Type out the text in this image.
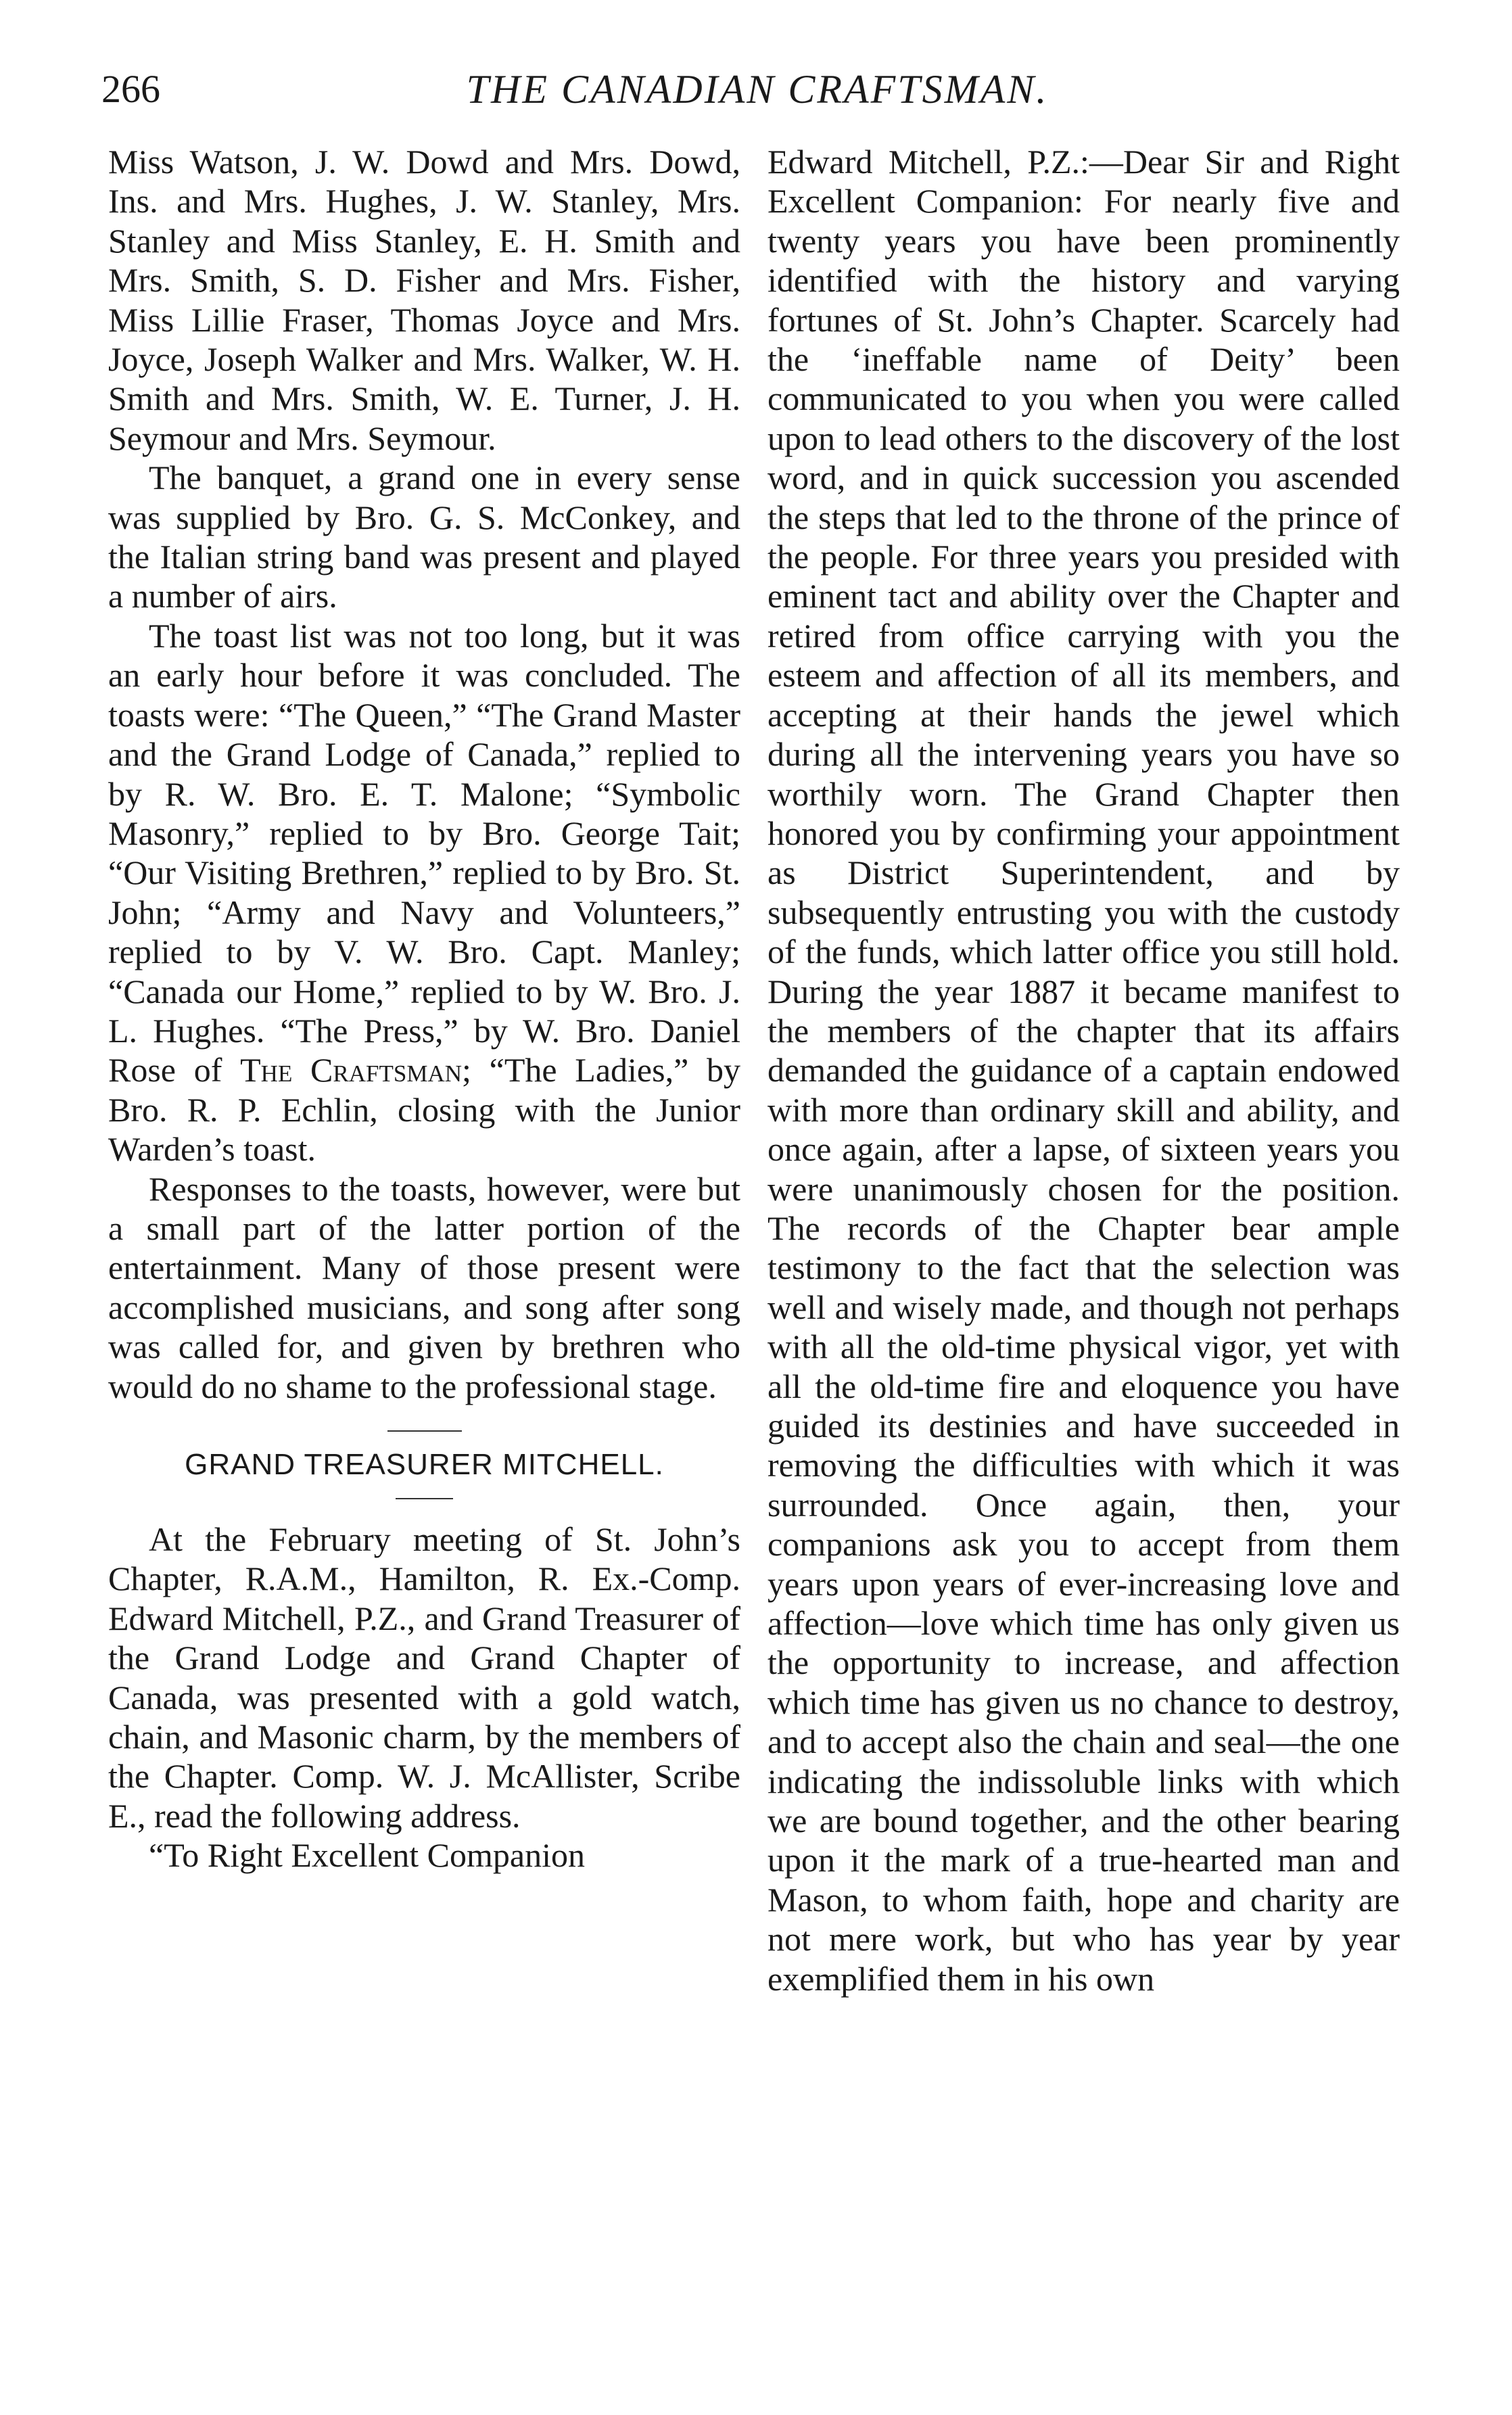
266	THE CANADIAN CRAFTSMAN.

Miss Watson, J. W. Dowd and Mrs. Dowd, Ins. and Mrs. Hughes, J. W. Stanley, Mrs. Stanley and Miss Stanley, E. H. Smith and Mrs. Smith, S. D. Fisher and Mrs. Fisher, Miss Lillie Fraser, Thomas Joyce and Mrs. Joyce, Joseph Walker and Mrs. Walker, W. H. Smith and Mrs. Smith, W. E. Turner, J. H. Seymour and Mrs. Seymour.

The banquet, a grand one in every sense was supplied by Bro. G. S. McConkey, and the Italian string band was present and played a number of airs.

The toast list was not too long, but it was an early hour before it was concluded. The toasts were: “The Queen,” “The Grand Master and the Grand Lodge of Canada,” replied to by R. W. Bro. E. T. Malone; “Symbolic Masonry,” replied to by Bro. George Tait; “Our Visiting Brethren,” replied to by Bro. St. John; “Army and Navy and Volunteers,” replied to by V. W. Bro. Capt. Manley; “Canada our Home,” replied to by W. Bro. J. L. Hughes. “The Press,” by W. Bro. Daniel Rose of The Craftsman; “The Ladies,” by Bro. R. P. Echlin, closing with the Junior Warden’s toast.

Responses to the toasts, however, were but a small part of the latter portion of the entertainment. Many of those present were accomplished musicians, and song after song was called for, and given by brethren who would do no shame to the professional stage.

GRAND TREASURER MITCHELL.

At the February meeting of St. John’s Chapter, R.A.M., Hamilton, R. Ex.-Comp. Edward Mitchell, P.Z., and Grand Treasurer of the Grand Lodge and Grand Chapter of Canada, was presented with a gold watch, chain, and Masonic charm, by the members of the Chapter. Comp. W. J. McAllister, Scribe E., read the following address.

“To Right Excellent Companion

Edward Mitchell, P.Z.:—Dear Sir and Right Excellent Companion: For nearly five and twenty years you have been prominently identified with the history and varying fortunes of St. John’s Chapter. Scarcely had the ‘ineffable name of Deity’ been communicated to you when you were called upon to lead others to the discovery of the lost word, and in quick succession you ascended the steps that led to the throne of the prince of the people. For three years you presided with eminent tact and ability over the Chapter and retired from office carrying with you the esteem and affection of all its members, and accepting at their hands the jewel which during all the intervening years you have so worthily worn. The Grand Chapter then honored you by confirming your appointment as District Superintendent, and by subsequently entrusting you with the custody of the funds, which latter office you still hold. During the year 1887 it became manifest to the members of the chapter that its affairs demanded the guidance of a captain endowed with more than ordinary skill and ability, and once again, after a lapse, of sixteen years you were unanimously chosen for the position. The records of the Chapter bear ample testimony to the fact that the selection was well and wisely made, and though not perhaps with all the old-time physical vigor, yet with all the old-time fire and eloquence you have guided its destinies and have succeeded in removing the difficulties with which it was surrounded. Once again, then, your companions ask you to accept from them years upon years of ever-increasing love and affection—love which time has only given us the opportunity to increase, and affection which time has given us no chance to destroy, and to accept also the chain and seal—the one indicating the indissoluble links with which we are bound together, and the other bearing upon it the mark of a true-hearted man and Mason, to whom faith, hope and charity are not mere work, but who has year by year exemplified them in his own
